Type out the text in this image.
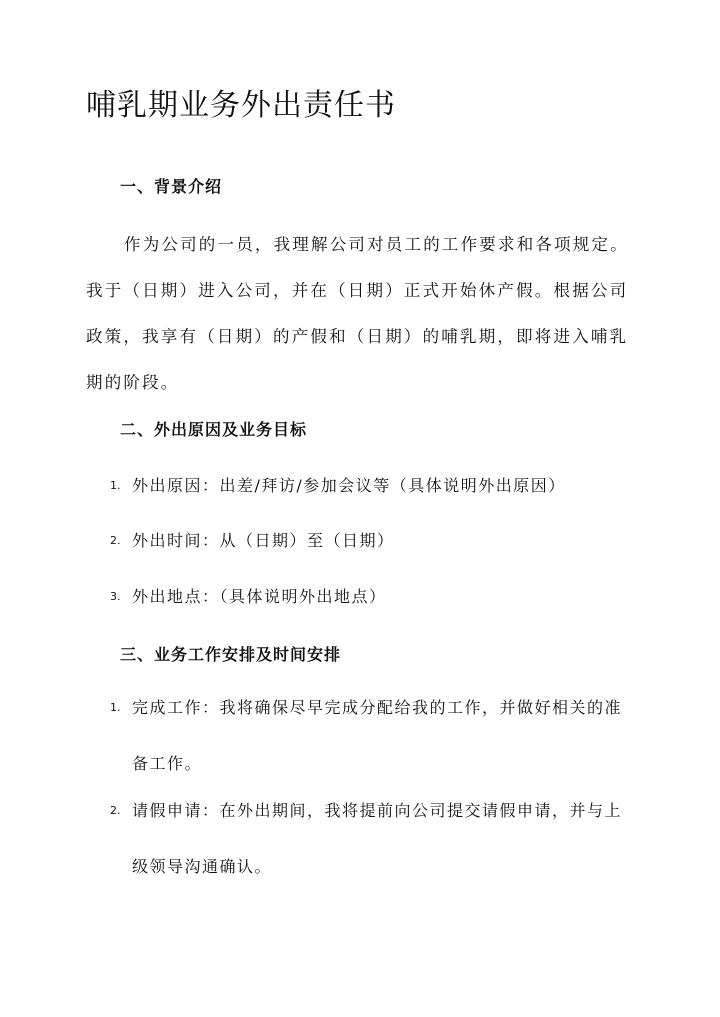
哺乳期业务外出责任书
一、背景介绍

作为公司的一员，我理解公司对员工的工作要求和各项规定。我于（日期）进入公司，并在（日期）正式开始休产假。根据公司政策，我享有（日期）的产假和（日期）的哺乳期，即将进入哺乳期的阶段。

二、外出原因及业务目标
1. 外出原因：出差/拜访/参加会议等（具体说明外出原因）
2. 外出时间：从（日期）至（日期）
3. 外出地点：（具体说明外出地点）
三、业务工作安排及时间安排
1. 完成工作：我将确保尽早完成分配给我的工作，并做好相关的准备工作。
2. 请假申请：在外出期间，我将提前向公司提交请假申请，并与上级领导沟通确认。
